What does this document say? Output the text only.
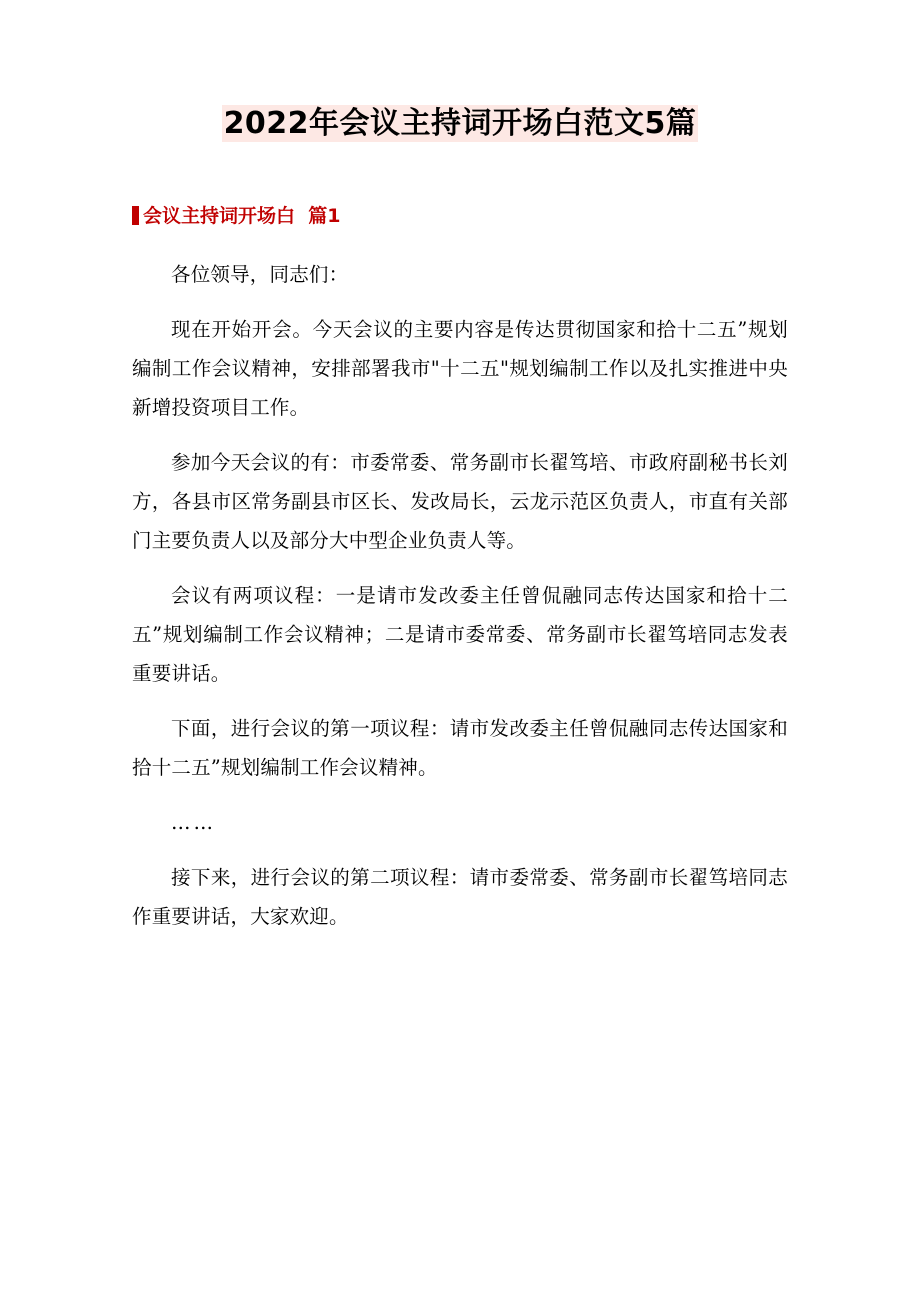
2022年会议主持词开场白范文5篇
会议主持词开场白  篇1

各位领导，同志们：

现在开始开会。今天会议的主要内容是传达贯彻国家和拾十二五”规划编制工作会议精神，安排部署我市"十二五"规划编制工作以及扎实推进中央新增投资项目工作。

参加今天会议的有：市委常委、常务副市长翟笃培、市政府副秘书长刘方，各县市区常务副县市区长、发改局长，云龙示范区负责人，市直有关部门主要负责人以及部分大中型企业负责人等。

会议有两项议程：一是请市发改委主任曾侃融同志传达国家和拾十二五”规划编制工作会议精神；二是请市委常委、常务副市长翟笃培同志发表重要讲话。

下面，进行会议的第一项议程：请市发改委主任曾侃融同志传达国家和拾十二五”规划编制工作会议精神。

……

接下来，进行会议的第二项议程：请市委常委、常务副市长翟笃培同志作重要讲话，大家欢迎。
